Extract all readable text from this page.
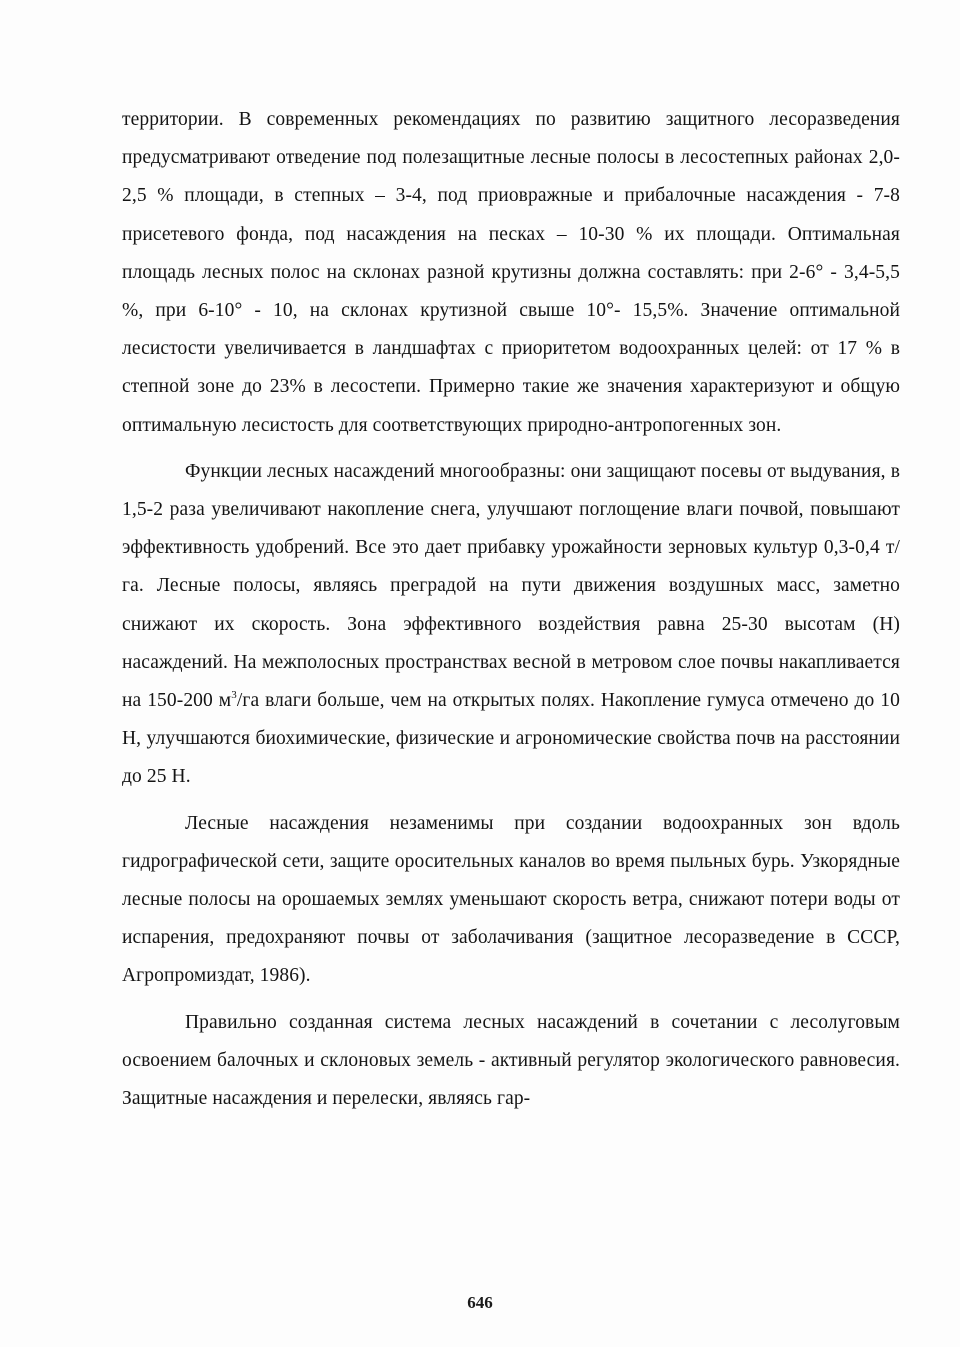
территории. В современных рекомендациях по развитию защитного лесоразведения предусматривают отведение под полезащитные лесные полосы в лесостепных районах 2,0-2,5 % площади, в степных – 3-4, под приовражные и прибалочные насаждения - 7-8 присетевого фонда, под насаждения на песках – 10-30 % их площади. Оптимальная площадь лесных полос на склонах разной крутизны должна составлять: при 2-6° - 3,4-5,5 %, при 6-10° - 10, на склонах крутизной свыше 10°- 15,5%. Значение оптимальной лесистости увеличивается в ландшафтах с приоритетом водоохранных целей: от 17 % в степной зоне до 23% в лесостепи. Примерно такие же значения характеризуют и общую оптимальную лесистость для соответствующих природно-антропогенных зон.

Функции лесных насаждений многообразны: они защищают посевы от выдувания, в 1,5-2 раза увеличивают накопление снега, улучшают поглощение влаги почвой, повышают эффективность удобрений. Все это дает прибавку урожайности зерновых культур 0,3-0,4 т/га. Лесные полосы, являясь преградой на пути движения воздушных масс, заметно снижают их скорость. Зона эффективного воздействия равна 25-30 высотам (Н) насаждений. На межполосных пространствах весной в метровом слое почвы накапливается на 150-200 $м^3/га$ влаги больше, чем на открытых полях. Накопление гумуса отмечено до 10 Н, улучшаются биохимические, физические и агрономические свойства почв на расстоянии до 25 Н.

Лесные насаждения незаменимы при создании водоохранных зон вдоль гидрографической сети, защите оросительных каналов во время пыльных бурь. Узкорядные лесные полосы на орошаемых землях уменьшают скорость ветра, снижают потери воды от испарения, предохраняют почвы от заболачивания (защитное лесоразведение в СССР, Агропромиздат, 1986).

Правильно созданная система лесных насаждений в сочетании с лесолуговым освоением балочных и склоновых земель - активный регулятор экологического равновесия. Защитные насаждения и перелески, являясь гар-

646
